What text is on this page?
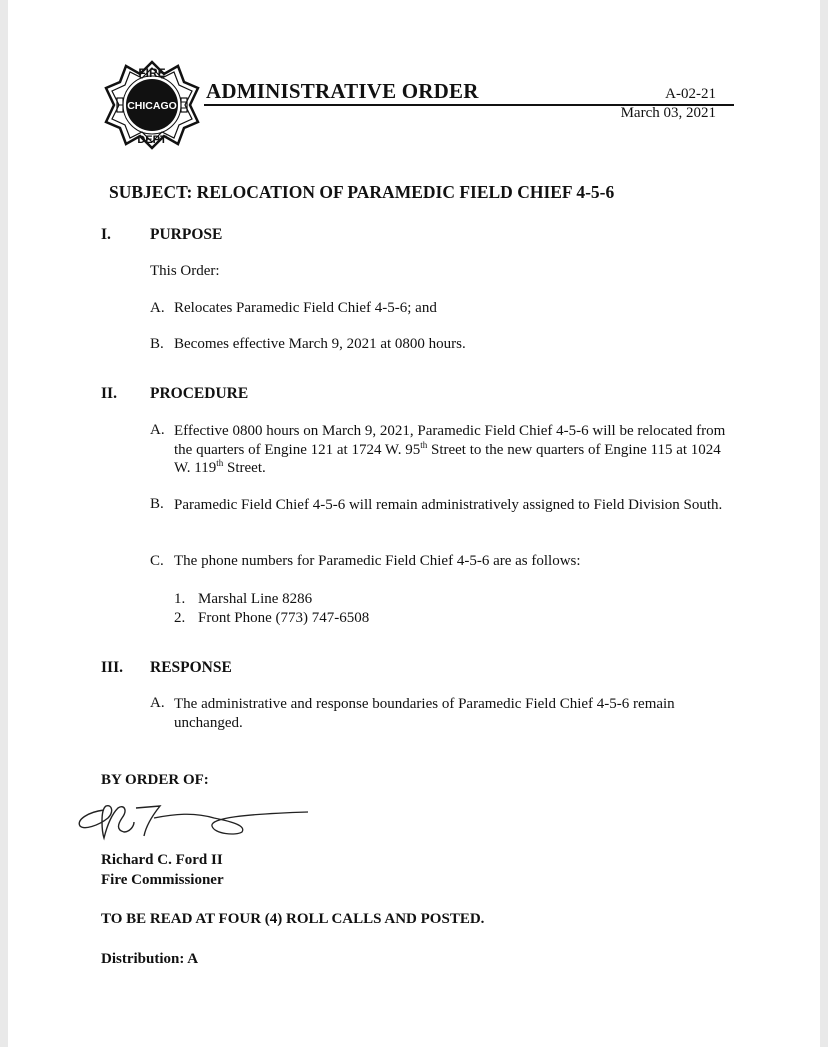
FIRE
CHICAGO
DEPT
ADMINISTRATIVE ORDER	A-02-21
March 03, 2021
SUBJECT: RELOCATION OF PARAMEDIC FIELD CHIEF 4-5-6
I.	PURPOSE
This Order:
A. Relocates Paramedic Field Chief 4-5-6; and
B. Becomes effective March 9, 2021 at 0800 hours.
II. PROCEDURE
A. Effective 0800 hours on March 9, 2021, Paramedic Field Chief 4-5-6 will be relocated from the quarters of Engine 121 at 1724 W. 95th Street to the new quarters of Engine 115 at 1024 W. 119th Street.
B. Paramedic Field Chief 4-5-6 will remain administratively assigned to Field Division South.
C. The phone numbers for Paramedic Field Chief 4-5-6 are as follows:
1. Marshal Line 8286
2. Front Phone (773) 747-6508
III. RESPONSE
A. The administrative and response boundaries of Paramedic Field Chief 4-5-6 remain unchanged.
BY ORDER OF:
Richard C. Ford II
Fire Commissioner
TO BE READ AT FOUR (4) ROLL CALLS AND POSTED.
Distribution: A
